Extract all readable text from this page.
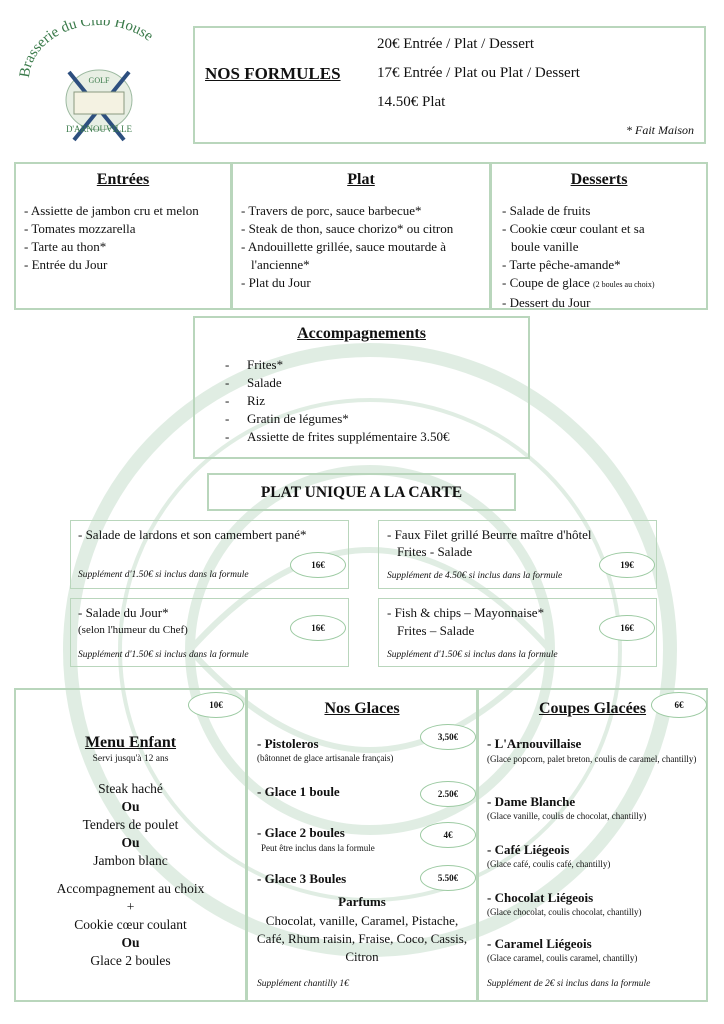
Brasserie du Club House
GOLF
D'ARNOUVILLE
NOS FORMULES
20€ Entrée / Plat / Dessert
17€ Entrée / Plat ou Plat / Dessert
14.50€ Plat
* Fait Maison
Entrées
- Assiette de jambon cru et melon
- Tomates mozzarella
- Tarte au thon*
- Entrée du Jour
Plat
- Travers de porc, sauce barbecue*
- Steak de thon, sauce chorizo* ou citron
- Andouillette grillée, sauce moutarde à
l'ancienne*
- Plat du Jour
Desserts
- Salade de fruits
- Cookie cœur coulant et sa
boule vanille
- Tarte pêche-amande*
- Coupe de glace (2 boules au choix)
- Dessert du Jour
Accompagnements
- Frites*
- Salade
- Riz
- Gratin de légumes*
- Assiette de frites supplémentaire 3.50€
PLAT UNIQUE A LA CARTE
- Salade de lardons et son camembert pané*
Supplément d'1.50€ si inclus dans la formule
16€
- Faux Filet grillé Beurre maître d'hôtel
Frites - Salade
Supplément de 4.50€ si inclus dans la formule
19€
- Salade du Jour*
(selon l'humeur du Chef)
Supplément d'1.50€ si inclus dans la formule
16€
- Fish & chips – Mayonnaise*
Frites – Salade
Supplément d'1.50€ si inclus dans la formule
16€
10€
Menu Enfant
Servi jusqu'à 12 ans
Steak haché
Ou
Tenders de poulet
Ou
Jambon blanc
Accompagnement au choix
+
Cookie cœur coulant
Ou
Glace 2 boules
Nos Glaces
- Pistoleros
(bâtonnet de glace artisanale français)
3,50€
- Glace 1 boule	2.50€
- Glace 2 boules
Peut être inclus dans la formule
4€
- Glace 3 Boules	5.50€
Parfums
Chocolat, vanille, Caramel, Pistache, Café, Rhum raisin, Fraise, Coco, Cassis, Citron
Supplément chantilly 1€
6€
Coupes Glacées
- L'Arnouvillaise
(Glace popcorn, palet breton, coulis de caramel, chantilly)
- Dame Blanche
(Glace vanille, coulis de chocolat, chantilly)
- Café Liégeois
(Glace café, coulis café, chantilly)
- Chocolat Liégeois
(Glace chocolat, coulis chocolat, chantilly)
- Caramel Liégeois
(Glace caramel, coulis caramel, chantilly)
Supplément de 2€ si inclus dans la formule
